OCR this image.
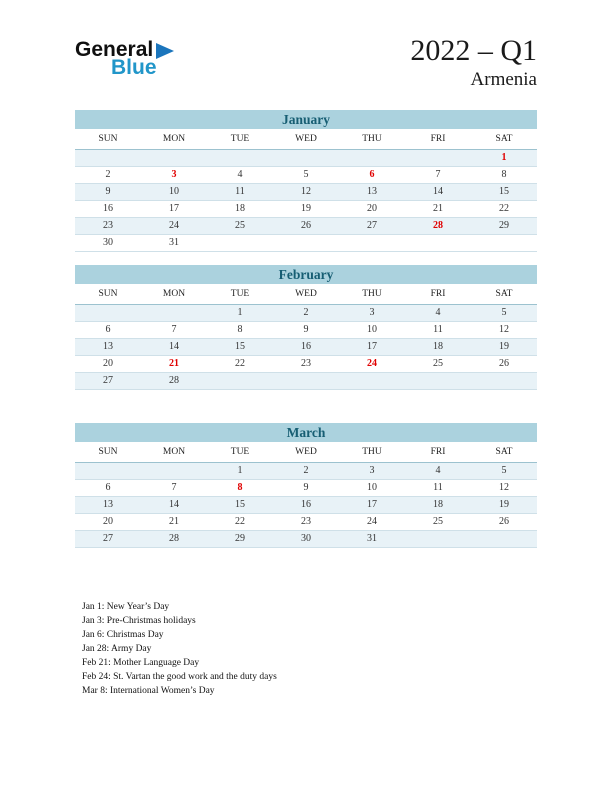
General
Blue
2022 – Q1
Armenia
January
SUN	MON	TUE	WED	THU	FRI	SAT
						1
2	3	4	5	6	7	8
9	10	11	12	13	14	15
16	17	18	19	20	21	22
23	24	25	26	27	28	29
30	31					
February
SUN	MON	TUE	WED	THU	FRI	SAT
		1	2	3	4	5
6	7	8	9	10	11	12
13	14	15	16	17	18	19
20	21	22	23	24	25	26
27	28					
March
SUN	MON	TUE	WED	THU	FRI	SAT
		1	2	3	4	5
6	7	8	9	10	11	12
13	14	15	16	17	18	19
20	21	22	23	24	25	26
27	28	29	30	31		
Jan 1: New Year’s Day
Jan 3: Pre-Christmas holidays
Jan 6: Christmas Day
Jan 28: Army Day
Feb 21: Mother Language Day
Feb 24: St. Vartan the good work and the duty days
Mar 8: International Women’s Day
